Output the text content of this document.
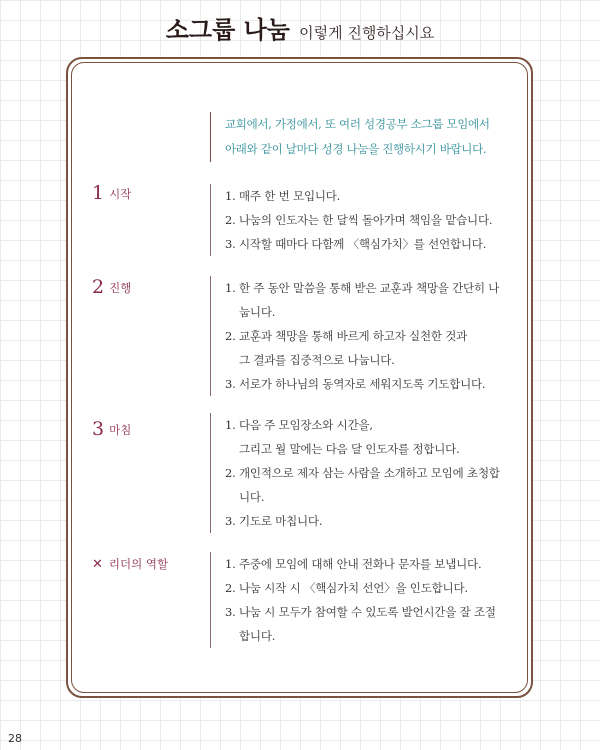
소그룹 나눔 이렇게 진행하십시요
교회에서, 가정에서, 또 여러 성경공부 소그룹 모임에서
아래와 같이 날마다 성경 나눔을 진행하시기 바랍니다.
1 시작	1. 매주 한 번 모입니다.
2. 나눔의 인도자는 한 달씩 돌아가며 책임을 맡습니다.
3. 시작할 때마다 다함께 〈핵심가치〉를 선언합니다.
2 진행	1. 한 주 동안 말씀을 통해 받은 교훈과 책망을 간단히 나
눕니다.
2. 교훈과 책망을 통해 바르게 하고자 실천한 것과
그 결과를 집중적으로 나눕니다.
3. 서로가 하나님의 동역자로 세워지도록 기도합니다.
3 마침	1. 다음 주 모임장소와 시간을,
그리고 월 말에는 다음 달 인도자를 정합니다.
2. 개인적으로 제자 삼는 사람을 소개하고 모임에 초청합
니다.
3. 기도로 마칩니다.
✕ 리더의 역할	1. 주중에 모임에 대해 안내 전화나 문자를 보냅니다.
2. 나눔 시작 시 〈핵심가치 선언〉을 인도합니다.
3. 나눔 시 모두가 참여할 수 있도록 발언시간을 잘 조절
합니다.
28
